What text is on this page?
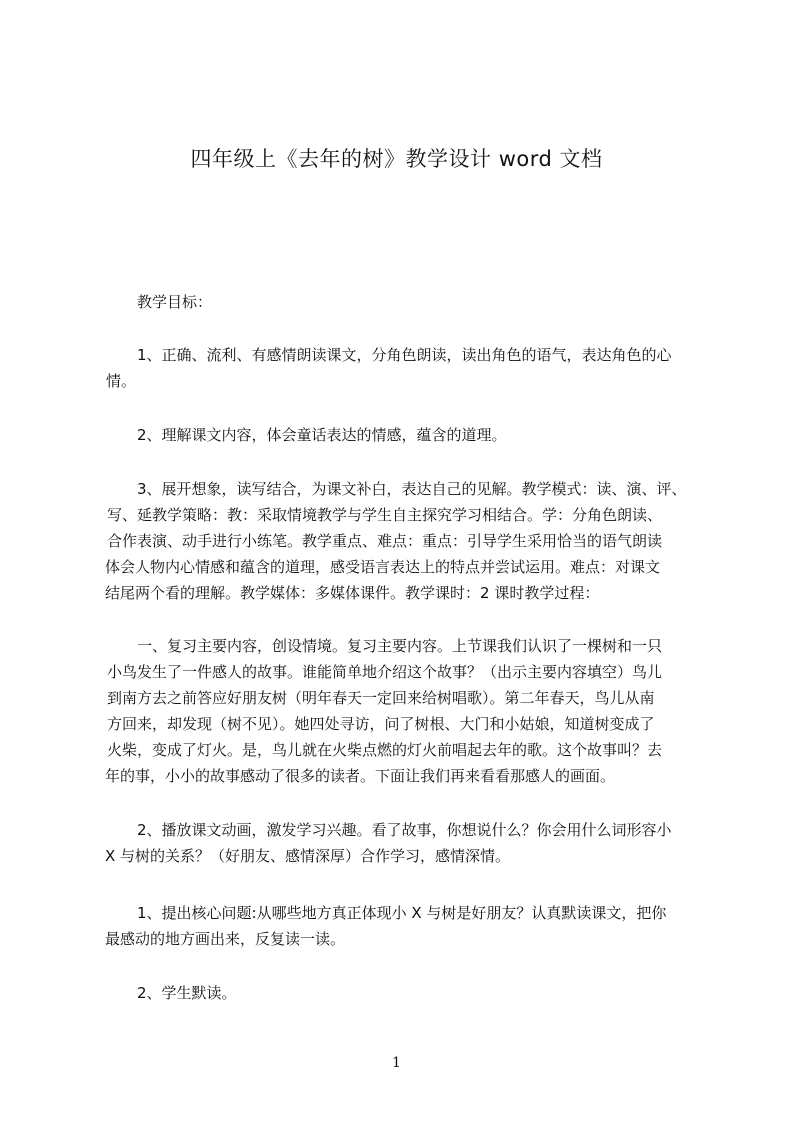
四年级上《去年的树》教学设计 word 文档
教学目标：
1、正确、流利、有感情朗读课文，分角色朗读，读出角色的语气，表达角色的心
情。
2、理解课文内容，体会童话表达的情感，蕴含的道理。
3、展开想象，读写结合，为课文补白，表达自己的见解。教学模式：读、演、评、
写、延教学策略：教：采取情境教学与学生自主探究学习相结合。学：分角色朗读、
合作表演、动手进行小练笔。教学重点、难点：重点：引导学生采用恰当的语气朗读
体会人物内心情感和蕴含的道理，感受语言表达上的特点并尝试运用。难点：对课文
结尾两个看的理解。教学媒体：多媒体课件。教学课时：2 课时教学过程：
一、复习主要内容，创设情境。复习主要内容。上节课我们认识了一棵树和一只
小鸟发生了一件感人的故事。谁能简单地介绍这个故事？（出示主要内容填空）鸟儿
到南方去之前答应好朋友树（明年春天一定回来给树唱歌）。第二年春天，鸟儿从南
方回来，却发现（树不见）。她四处寻访，问了树根、大门和小姑娘，知道树变成了
火柴，变成了灯火。是，鸟儿就在火柴点燃的灯火前唱起去年的歌。这个故事叫？去
年的事，小小的故事感动了很多的读者。下面让我们再来看看那感人的画面。
2、播放课文动画，激发学习兴趣。看了故事，你想说什么？你会用什么词形容小
X 与树的关系？（好朋友、感情深厚）合作学习，感情深情。
1、提出核心问题:从哪些地方真正体现小 X 与树是好朋友？认真默读课文，把你
最感动的地方画出来，反复读一读。
2、学生默读。
1
